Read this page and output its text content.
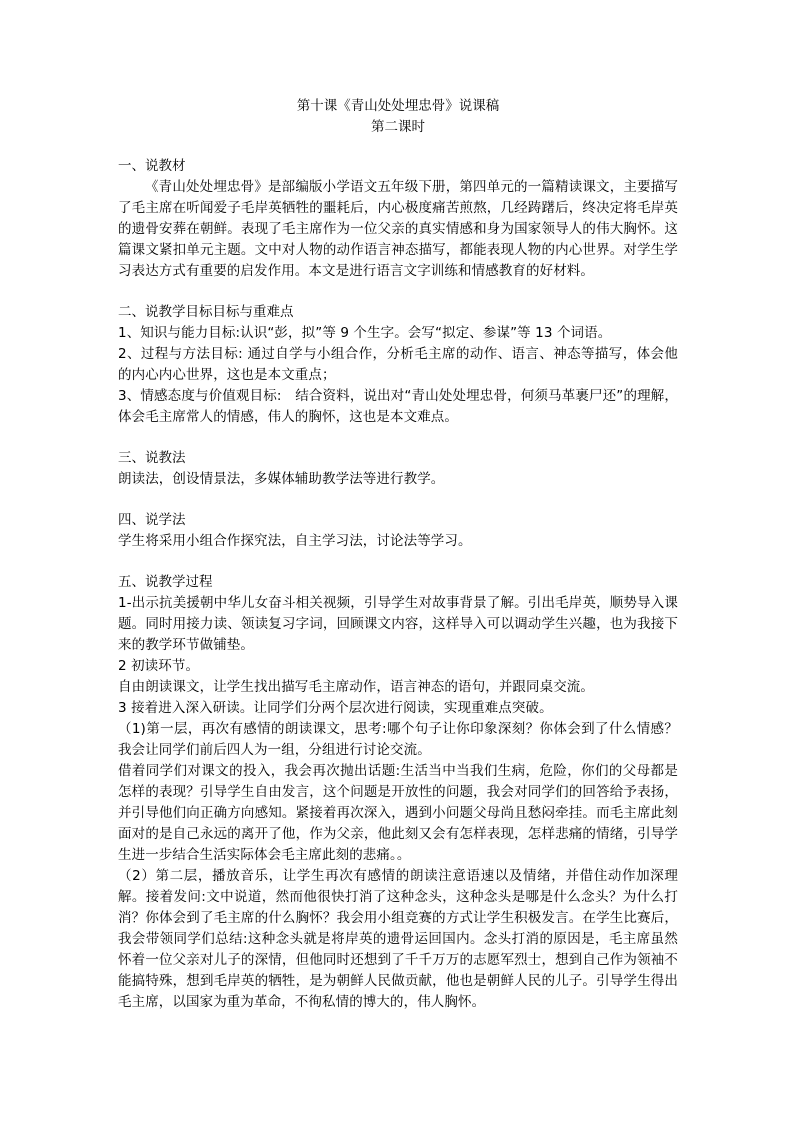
第十课《青山处处埋忠骨》说课稿

第二课时

一、说教材

《青山处处埋忠骨》是部编版小学语文五年级下册，第四单元的一篇精读课文，主要描写了毛主席在听闻爱子毛岸英牺牲的噩耗后，内心极度痛苦煎熬，几经踌躇后，终决定将毛岸英的遗骨安葬在朝鲜。表现了毛主席作为一位父亲的真实情感和身为国家领导人的伟大胸怀。这篇课文紧扣单元主题。文中对人物的动作语言神态描写，都能表现人物的内心世界。对学生学习表达方式有重要的启发作用。本文是进行语言文字训练和情感教育的好材料。

二、说教学目标目标与重难点

1、知识与能力目标:认识“彭，拟”等 9 个生字。会写“拟定、参谋”等 13 个词语。

2、过程与方法目标: 通过自学与小组合作，分析毛主席的动作、语言、神态等描写，体会他的内心内心世界，这也是本文重点；

3、情感态度与价值观目标:　结合资料，说出对“青山处处埋忠骨，何须马革裹尸还”的理解，体会毛主席常人的情感，伟人的胸怀，这也是本文难点。

三、说教法

朗读法，创设情景法，多媒体辅助教学法等进行教学。

四、说学法

学生将采用小组合作探究法，自主学习法，讨论法等学习。

五、说教学过程

1-出示抗美援朝中华儿女奋斗相关视频，引导学生对故事背景了解。引出毛岸英，顺势导入课题。同时用接力读、领读复习字词，回顾课文内容，这样导入可以调动学生兴趣，也为我接下来的教学环节做铺垫。

2 初读环节。

自由朗读课文，让学生找出描写毛主席动作，语言神态的语句，并跟同桌交流。

3 接着进入深入研读。让同学们分两个层次进行阅读，实现重难点突破。

（1)第一层，再次有感情的朗读课文，思考:哪个句子让你印象深刻？你体会到了什么情感？我会让同学们前后四人为一组，分组进行讨论交流。

借着同学们对课文的投入，我会再次抛出话题:生活当中当我们生病，危险，你们的父母都是怎样的表现？引导学生自由发言，这个问题是开放性的问题，我会对同学们的回答给予表扬，并引导他们向正确方向感知。紧接着再次深入，遇到小问题父母尚且愁闷牵挂。而毛主席此刻面对的是自己永远的离开了他，作为父亲，他此刻又会有怎样表现，怎样悲痛的情绪，引导学生进一步结合生活实际体会毛主席此刻的悲痛。。

（2）第二层，播放音乐，让学生再次有感情的朗读注意语速以及情绪，并借住动作加深理解。接着发问:文中说道，然而他很快打消了这种念头，这种念头是哪是什么念头？为什么打消？你体会到了毛主席的什么胸怀？我会用小组竞赛的方式让学生积极发言。在学生比赛后，我会带领同学们总结:这种念头就是将岸英的遗骨运回国内。念头打消的原因是，毛主席虽然怀着一位父亲对儿子的深情，但他同时还想到了千千万万的志愿军烈士，想到自己作为领袖不能搞特殊，想到毛岸英的牺牲，是为朝鲜人民做贡献，他也是朝鲜人民的儿子。引导学生得出毛主席，以国家为重为革命，不徇私情的博大的，伟人胸怀。
